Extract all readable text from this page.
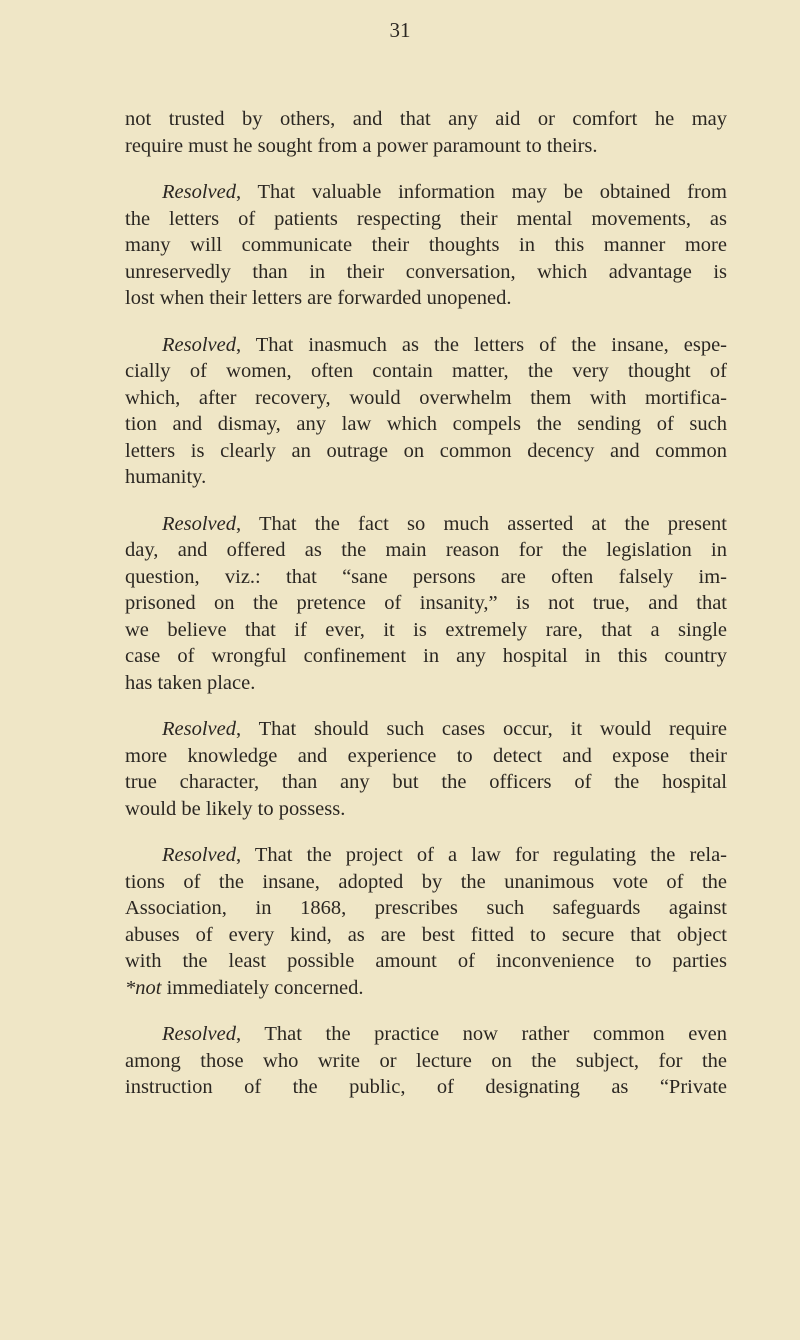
31
not trusted by others, and that any aid or comfort he may
require must he sought from a power paramount to theirs.
Resolved, That valuable information may be obtained from
the letters of patients respecting their mental movements, as
many will communicate their thoughts in this manner more
unreservedly than in their conversation, which advantage is
lost when their letters are forwarded unopened.
Resolved, That inasmuch as the letters of the insane, espe-
cially of women, often contain matter, the very thought of
which, after recovery, would overwhelm them with mortifica-
tion and dismay, any law which compels the sending of such
letters is clearly an outrage on common decency and common
humanity.
Resolved, That the fact so much asserted at the present
day, and offered as the main reason for the legislation in
question, viz.: that “sane persons are often falsely im-
prisoned on the pretence of insanity,” is not true, and that
we believe that if ever, it is extremely rare, that a single
case of wrongful confinement in any hospital in this country
has taken place.
Resolved, That should such cases occur, it would require
more knowledge and experience to detect and expose their
true character, than any but the officers of the hospital
would be likely to possess.
Resolved, That the project of a law for regulating the rela-
tions of the insane, adopted by the unanimous vote of the
Association, in 1868, prescribes such safeguards against
abuses of every kind, as are best fitted to secure that object
with the least possible amount of inconvenience to parties
*not immediately concerned.
Resolved, That the practice now rather common even
among those who write or lecture on the subject, for the
instruction of the public, of designating as “Private
